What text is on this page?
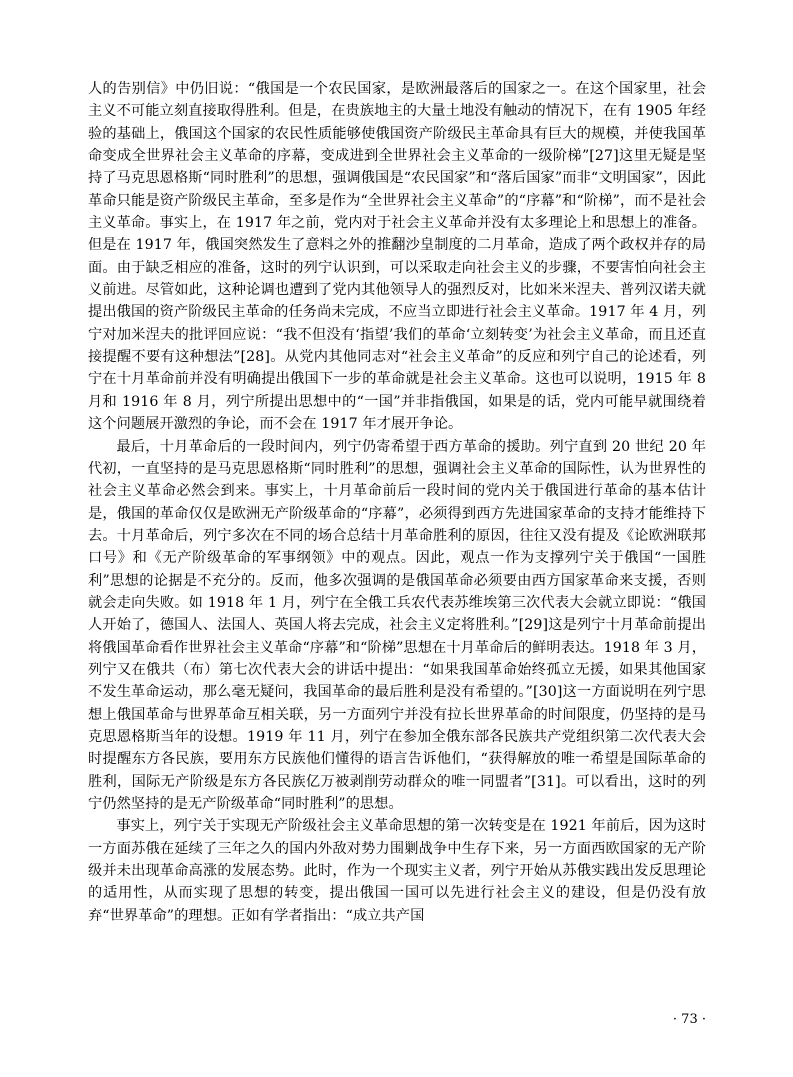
人的告别信》中仍旧说：“俄国是一个农民国家，是欧洲最落后的国家之一。在这个国家里，社会主义不可能立刻直接取得胜利。但是，在贵族地主的大量土地没有触动的情况下，在有 1905 年经验的基础上，俄国这个国家的农民性质能够使俄国资产阶级民主革命具有巨大的规模，并使我国革命变成全世界社会主义革命的序幕，变成进到全世界社会主义革命的一级阶梯”[27]这里无疑是坚持了马克思恩格斯“同时胜利”的思想，强调俄国是“农民国家”和“落后国家”而非“文明国家”，因此革命只能是资产阶级民主革命，至多是作为“全世界社会主义革命”的“序幕”和“阶梯”，而不是社会主义革命。事实上，在 1917 年之前，党内对于社会主义革命并没有太多理论上和思想上的准备。但是在 1917 年，俄国突然发生了意料之外的推翻沙皇制度的二月革命，造成了两个政权并存的局面。由于缺乏相应的准备，这时的列宁认识到，可以采取走向社会主义的步骤，不要害怕向社会主义前进。尽管如此，这种论调也遭到了党内其他领导人的强烈反对，比如米米涅夫、普列汉诺夫就提出俄国的资产阶级民主革命的任务尚未完成，不应当立即进行社会主义革命。1917 年 4 月，列宁对加米涅夫的批评回应说：“我不但没有‘指望’我们的革命‘立刻转变’为社会主义革命，而且还直接提醒不要有这种想法”[28]。从党内其他同志对“社会主义革命”的反应和列宁自己的论述看，列宁在十月革命前并没有明确提出俄国下一步的革命就是社会主义革命。这也可以说明，1915 年 8 月和 1916 年 8 月，列宁所提出思想中的“一国”并非指俄国，如果是的话，党内可能早就围绕着这个问题展开激烈的争论，而不会在 1917 年才展开争论。

最后，十月革命后的一段时间内，列宁仍寄希望于西方革命的援助。列宁直到 20 世纪 20 年代初，一直坚持的是马克思恩格斯“同时胜利”的思想，强调社会主义革命的国际性，认为世界性的社会主义革命必然会到来。事实上，十月革命前后一段时间的党内关于俄国进行革命的基本估计是，俄国的革命仅仅是欧洲无产阶级革命的“序幕”，必须得到西方先进国家革命的支持才能维持下去。十月革命后，列宁多次在不同的场合总结十月革命胜利的原因，往往又没有提及《论欧洲联邦口号》和《无产阶级革命的军事纲领》中的观点。因此，观点一作为支撑列宁关于俄国“一国胜利”思想的论据是不充分的。反而，他多次强调的是俄国革命必须要由西方国家革命来支援，否则就会走向失败。如 1918 年 1 月，列宁在全俄工兵农代表苏维埃第三次代表大会就立即说：“俄国人开始了，德国人、法国人、英国人将去完成，社会主义定将胜利。”[29]这是列宁十月革命前提出将俄国革命看作世界社会主义革命“序幕”和“阶梯”思想在十月革命后的鲜明表达。1918 年 3 月，列宁又在俄共（布）第七次代表大会的讲话中提出：“如果我国革命始终孤立无援，如果其他国家不发生革命运动，那么毫无疑问，我国革命的最后胜利是没有希望的。”[30]这一方面说明在列宁思想上俄国革命与世界革命互相关联，另一方面列宁并没有拉长世界革命的时间限度，仍坚持的是马克思恩格斯当年的设想。1919 年 11 月，列宁在参加全俄东部各民族共产党组织第二次代表大会时提醒东方各民族，要用东方民族他们懂得的语言告诉他们，“获得解放的唯一希望是国际革命的胜利，国际无产阶级是东方各民族亿万被剥削劳动群众的唯一同盟者”[31]。可以看出，这时的列宁仍然坚持的是无产阶级革命“同时胜利”的思想。

事实上，列宁关于实现无产阶级社会主义革命思想的第一次转变是在 1921 年前后，因为这时一方面苏俄在延续了三年之久的国内外敌对势力围剿战争中生存下来，另一方面西欧国家的无产阶级并未出现革命高涨的发展态势。此时，作为一个现实主义者，列宁开始从苏俄实践出发反思理论的适用性，从而实现了思想的转变，提出俄国一国可以先进行社会主义的建设，但是仍没有放弃“世界革命”的理想。正如有学者指出：“成立共产国

· 73 ·
